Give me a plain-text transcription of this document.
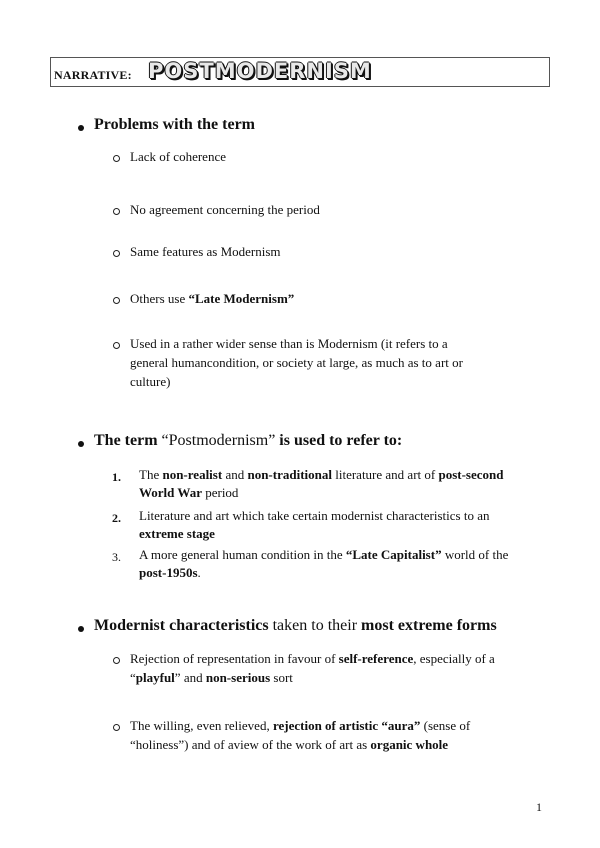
NARRATIVE: POSTMODERNISM
Problems with the term
Lack of coherence
No agreement concerning the period
Same features as Modernism
Others use “Late Modernism”
Used in a rather wider sense than is Modernism (it refers to a
general humancondition, or society at large, as much as to art or
culture)
The term “Postmodernism” is used to refer to:
1. The non-realist and non-traditional literature and art of post-second
World War period
2. Literature and art which take certain modernist characteristics to an
extreme stage
3. A more general human condition in the “Late Capitalist” world of the
post-1950s.
Modernist characteristics taken to their most extreme forms
Rejection of representation in favour of self-reference, especially of a
“playful” and non-serious sort
The willing, even relieved, rejection of artistic “aura” (sense of
“holiness”) and of aview of the work of art as organic whole
1
